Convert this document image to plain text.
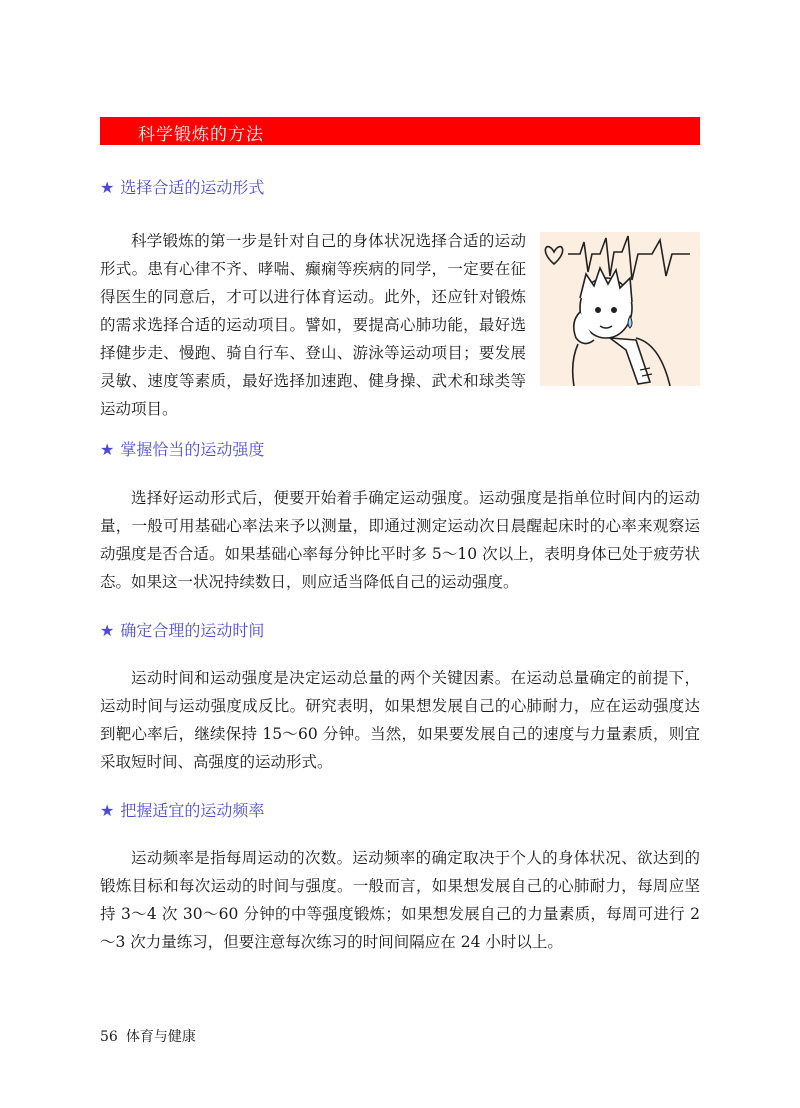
科学锻炼的方法
★ 选择合适的运动形式

科学锻炼的第一步是针对自己的身体状况选择合适的运动形式。患有心律不齐、哮喘、癫痫等疾病的同学，一定要在征得医生的同意后，才可以进行体育运动。此外，还应针对锻炼的需求选择合适的运动项目。譬如，要提高心肺功能，最好选择健步走、慢跑、骑自行车、登山、游泳等运动项目；要发展灵敏、速度等素质，最好选择加速跑、健身操、武术和球类等运动项目。

★ 掌握恰当的运动强度

选择好运动形式后，便要开始着手确定运动强度。运动强度是指单位时间内的运动量，一般可用基础心率法来予以测量，即通过测定运动次日晨醒起床时的心率来观察运动强度是否合适。如果基础心率每分钟比平时多 5～10 次以上，表明身体已处于疲劳状态。如果这一状况持续数日，则应适当降低自己的运动强度。

★ 确定合理的运动时间

运动时间和运动强度是决定运动总量的两个关键因素。在运动总量确定的前提下，运动时间与运动强度成反比。研究表明，如果想发展自己的心肺耐力，应在运动强度达到靶心率后，继续保持 15～60 分钟。当然，如果要发展自己的速度与力量素质，则宜采取短时间、高强度的运动形式。

★ 把握适宜的运动频率

运动频率是指每周运动的次数。运动频率的确定取决于个人的身体状况、欲达到的锻炼目标和每次运动的时间与强度。一般而言，如果想发展自己的心肺耐力，每周应坚持 3～4 次 30～60 分钟的中等强度锻炼；如果想发展自己的力量素质，每周可进行 2～3 次力量练习，但要注意每次练习的时间间隔应在 24 小时以上。

56 体育与健康
